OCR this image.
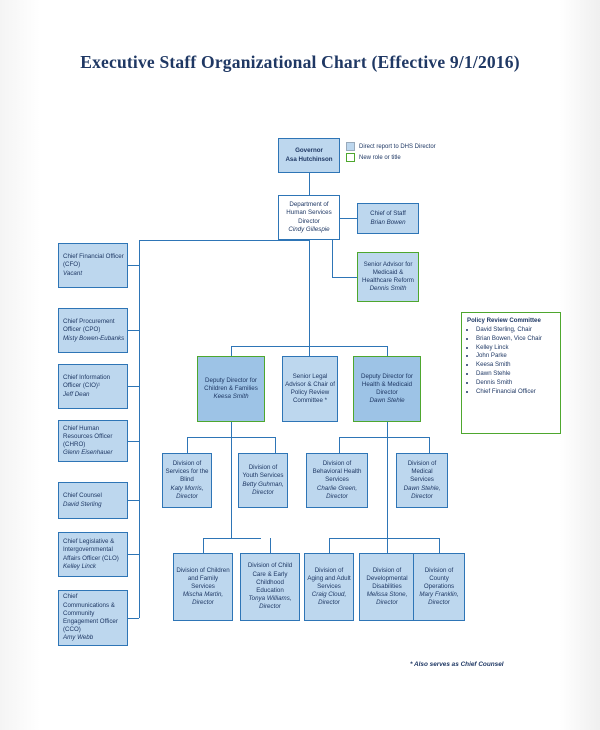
Executive Staff Organizational Chart (Effective 9/1/2016)
Governor
Asa Hutchinson
Department of Human Services Director
Cindy Gillespie
Chief of Staff
Brian Bowen
Senior Advisor for Medicaid & Healthcare Reform
Dennis Smith
Deputy Director for Children & Families
Keesa Smith
Senior Legal Advisor & Chair of Policy Review Committee *
Deputy Director for Health & Medicaid Director
Dawn Stehle
Chief Financial Officer (CFO)
Vacant
Chief Procurement Officer (CPO)
Misty Bowen-Eubanks
Chief Information Officer (CIO)¹
Jeff Dean
Chief Human Resources Officer (CHRO)
Glenn Eisenhauer
Chief Counsel
David Sterling
Chief Legislative & Intergovernmental Affairs Officer (CLO)
Kelley Linck
Chief Communications & Community Engagement Officer (CCO)
Amy Webb
Division of Services for the Blind
Katy Morris, Director
Division of Youth Services
Betty Guhman, Director
Division of Behavioral Health Services
Charlie Green, Director
Division of Medical Services
Dawn Stehle, Director
Division of Children and Family Services
Mischa Martin, Director
Division of Child Care & Early Childhood Education
Tonya Williams, Director
Division of Aging and Adult Services
Craig Cloud, Director
Division of Developmental Disabilities
Melissa Stone, Director
Division of County Operations
Mary Franklin, Director
Direct report to DHS Director
New role or title
Policy Review Committee
• David Sterling, Chair
• Brian Bowen, Vice Chair
• Kelley Linck
• John Parke
• Keesa Smith
• Dawn Stehle
• Dennis Smith
• Chief Financial Officer
* Also serves as Chief Counsel
